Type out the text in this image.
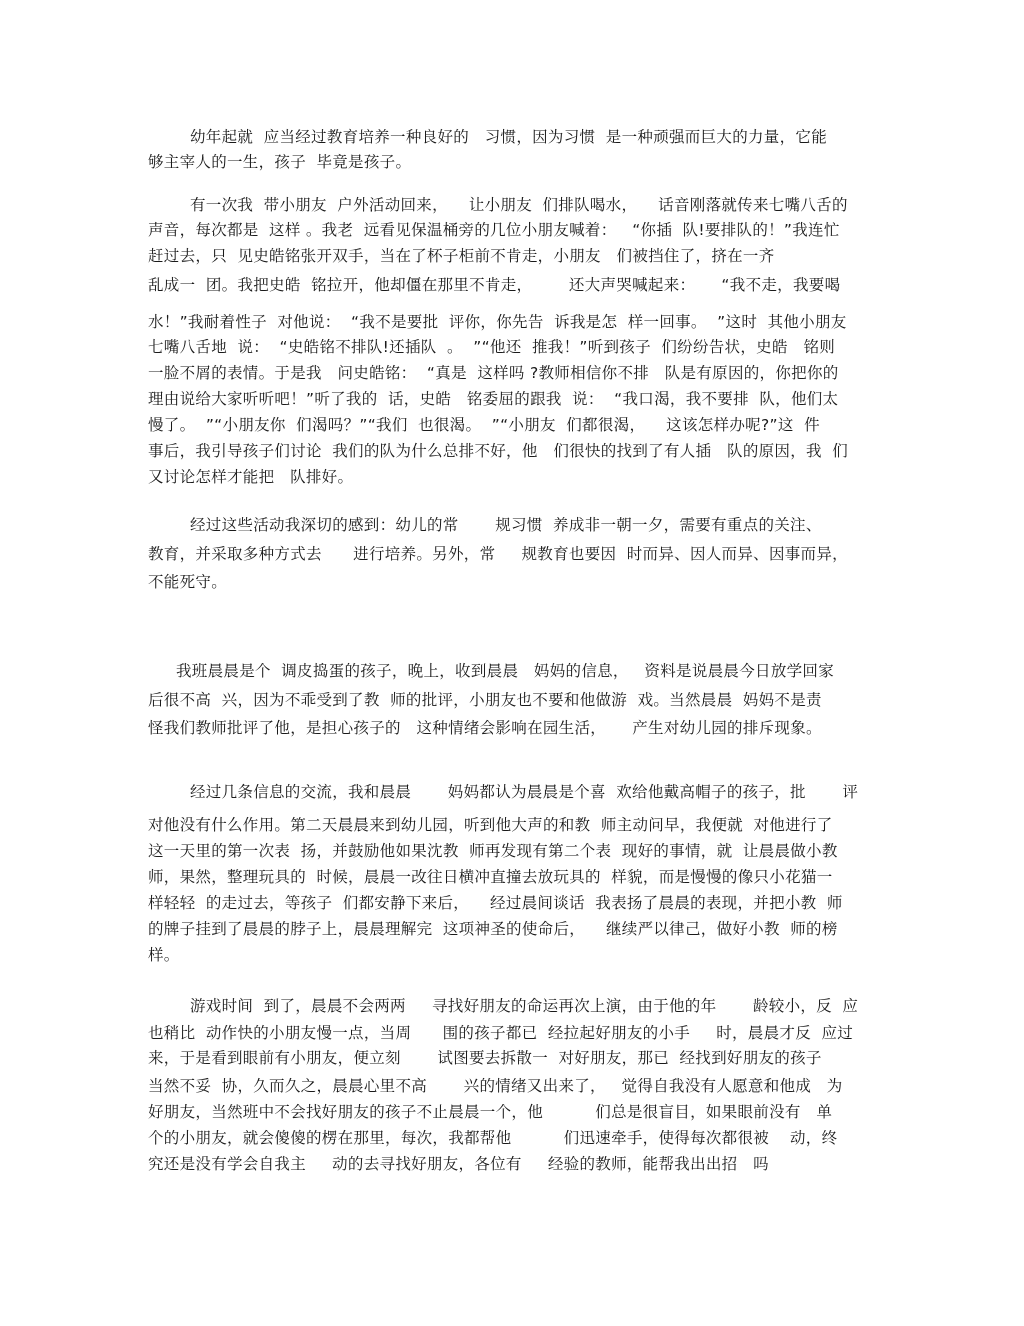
幼年起就  应当经过教育培养一种良好的   习惯，因为习惯  是一种顽强而巨大的力量，它能
够主宰人的一生，孩子  毕竟是孩子。
有一次我  带小朋友  户外活动回来，    让小朋友  们排队喝水，    话音刚落就传来七嘴八舌的
声音，每次都是  这样 。我老  远看见保温桶旁的几位小朋友喊着：   “你插  队!要排队的！”我连忙
赶过去，只  见史皓铭张开双手，当在了杯子柜前不肯走，小朋友   们被挡住了，挤在一齐
乱成一  团。我把史皓  铭拉开，他却僵在那里不肯走，       还大声哭喊起来：     “我不走，我要喝
水！”我耐着性子  对他说：  “我不是要批  评你，你先告  诉我是怎  样一回事。  ”这时  其他小朋友
七嘴八舌地  说：  “史皓铭不排队!还插队  。  ”“他还  推我！”听到孩子  们纷纷告状，史皓   铭则
一脸不屑的表情。于是我   问史皓铭：  “真是  这样吗 ?教师相信你不排   队是有原因的，你把你的
理由说给大家听听吧！”听了我的  话，史皓   铭委屈的跟我  说：  “我口渴，我不要排  队，他们太
慢了。  ”“小朋友你  们渴吗？”“我们  也很渴。  ”“小朋友  们都很渴，    这该怎样办呢?”这  件
事后，我引导孩子们讨论  我们的队为什么总排不好，他   们很快的找到了有人插   队的原因，我  们
又讨论怎样才能把   队排好。
经过这些活动我深切的感到：幼儿的常       规习惯  养成非一朝一夕，需要有重点的关注、
教育，并采取多种方式去      进行培养。另外，常     规教育也要因  时而异、因人而异、因事而异，
不能死守。
我班晨晨是个  调皮捣蛋的孩子，晚上，收到晨晨   妈妈的信息，   资料是说晨晨今日放学回家
后很不高  兴，因为不乖受到了教  师的批评，小朋友也不要和他做游  戏。当然晨晨  妈妈不是责
怪我们教师批评了他，是担心孩子的   这种情绪会影响在园生活，     产生对幼儿园的排斥现象。
经过几条信息的交流，我和晨晨       妈妈都认为晨晨是个喜  欢给他戴高帽子的孩子，批       评
对他没有什么作用。第二天晨晨来到幼儿园，听到他大声的和教  师主动问早，我便就  对他进行了
这一天里的第一次表  扬，并鼓励他如果沈教  师再发现有第二个表  现好的事情，就  让晨晨做小教
师，果然，整理玩具的  时候，晨晨一改往日横冲直撞去放玩具的  样貌，而是慢慢的像只小花猫一
样轻轻  的走过去，等孩子  们都安静下来后，    经过晨间谈话  我表扬了晨晨的表现，并把小教  师
的牌子挂到了晨晨的脖子上，晨晨理解完  这项神圣的使命后，    继续严以律己，做好小教  师的榜
样。
游戏时间  到了，晨晨不会两两     寻找好朋友的命运再次上演，由于他的年       龄较小，反  应
也稍比  动作快的小朋友慢一点，当周      围的孩子都已  经拉起好朋友的小手     时，晨晨才反  应过
来，于是看到眼前有小朋友，便立刻       试图要去拆散一  对好朋友，那已  经找到好朋友的孩子
当然不妥  协，久而久之，晨晨心里不高       兴的情绪又出来了，   觉得自我没有人愿意和他成   为
好朋友，当然班中不会找好朋友的孩子不止晨晨一个，他          们总是很盲目，如果眼前没有   单
个的小朋友，就会傻傻的楞在那里，每次，我都帮他          们迅速牵手，使得每次都很被    动，终
究还是没有学会自我主     动的去寻找好朋友，各位有     经验的教师，能帮我出出招   吗
